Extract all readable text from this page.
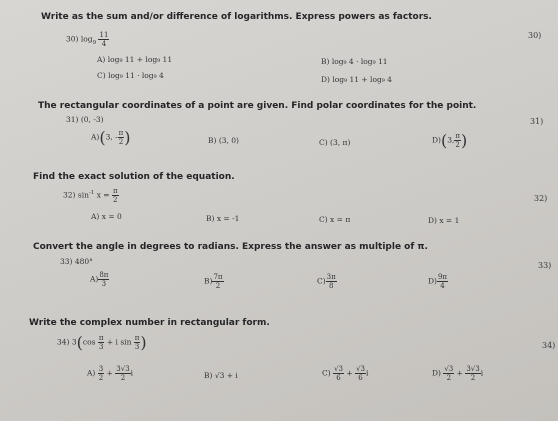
Write as the sum and/or difference of logarithms. Express powers as factors.
30) $\log_9 \frac{11}{4}$	30)
A) log₉ 11 + log₉ 11	B) log₉ 4 · log₉ 11
C) log₉ 11 · log₉ 4	D) log₉ 11 + log₉ 4
The rectangular coordinates of a point are given. Find polar coordinates for the point.
31) (0, -3)	31)
A)(3, - $\frac{\pi}{2}$ )	B) (3, 0)	C) (3, π)	D)(3, $\frac{\pi}{2}$ )
Find the exact solution of the equation.
32) $\sin^{-1} x = \frac{\pi}{2}$	32)
A) x = 0	B) x = -1	C) x = π	D) x = 1
Convert the angle in degrees to radians. Express the answer as multiple of π.
33) 480°	33)
$A) \frac{8\pi}{3}$	$B) \frac{7\pi}{2}$	$C) \frac{3\pi}{8}$	$D) \frac{9\pi}{4}$
Write the complex number in rectangular form.
34) $3(\cos \frac{\pi}{3} + i$ $\sin \frac{\pi}{3}$ )	34)
$A) \frac{3}{2} + \frac{3√3}{2}$ i	B) √3 + i	$C) \frac{√3}{6} + \frac{√3}{6}$ i	$D) \frac{√3}{2} + \frac{3√3}{2}$ i
